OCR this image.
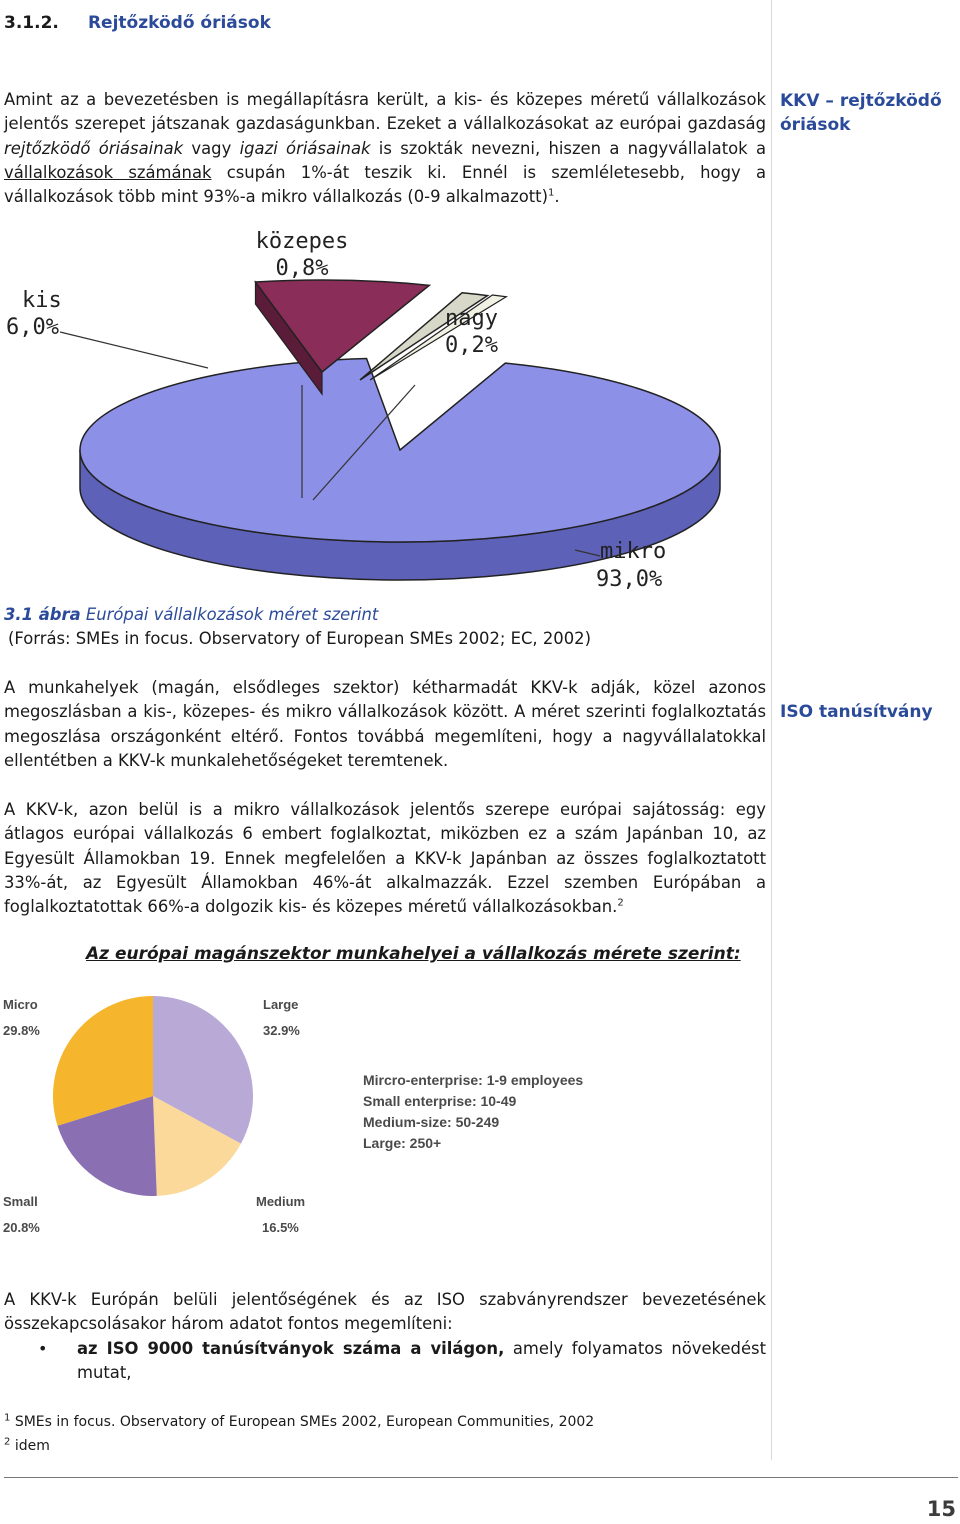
3.1.2. Rejtőzködő óriások
KKV – rejtőzködő óriások
ISO tanúsítvány

Amint az a bevezetésben is megállapításra került, a kis- és közepes méretű vállalkozások jelentős szerepet játszanak gazdaságunkban. Ezeket a vállalkozásokat az európai gazdaság rejtőzködő óriásainak vagy igazi óriásainak is szokták nevezni, hiszen a nagyvállalatok a vállalkozások számának csupán 1%-át teszik ki. Ennél is szemléletesebb, hogy a vállalkozások több mint 93%-a mikro vállalkozás (0-9 alkalmazott)$^1$.

közepes
0,8%
kis
6,0%	nagy
0,2%
mikro
93,0%
3.1 ábra Európai vállalkozások méret szerint
(Forrás: SMEs in focus. Observatory of European SMEs 2002; EC, 2002)

A munkahelyek (magán, elsődleges szektor) kétharmadát KKV-k adják, közel azonos megoszlásban a kis-, közepes- és mikro vállalkozások között. A méret szerinti foglalkoztatás megoszlása országonként eltérő. Fontos továbbá megemlíteni, hogy a nagyvállalatokkal ellentétben a KKV-k munkalehetőségeket teremtenek.

A KKV-k, azon belül is a mikro vállalkozások jelentős szerepe európai sajátosság: egy átlagos európai vállalkozás 6 embert foglalkoztat, miközben ez a szám Japánban 10, az Egyesült Államokban 19. Ennek megfelelően a KKV-k Japánban az összes foglalkoztatott 33%-át, az Egyesült Államokban 46%-át alkalmazzák. Ezzel szemben Európában a foglalkoztatottak 66%-a dolgozik kis- és közepes méretű vállalkozásokban.$^2$

Az európai magánszektor munkahelyei a vállalkozás mérete szerint:
Micro
29.8%
Large
32.9%
Small
20.8%
Medium
16.5%
Mircro-enterprise: 1-9 employees
Small enterprise: 10-49
Medium-size: 50-249
Large: 250+

A KKV-k Európán belüli jelentőségének és az ISO szabványrendszer bevezetésének összekapcsolásakor három adatot fontos megemlíteni:

• az ISO 9000 tanúsítványok száma a világon, amely folyamatos növekedést mutat,

$^1$ SMEs in focus. Observatory of European SMEs 2002, European Communities, 2002
$^2$ idem
15
